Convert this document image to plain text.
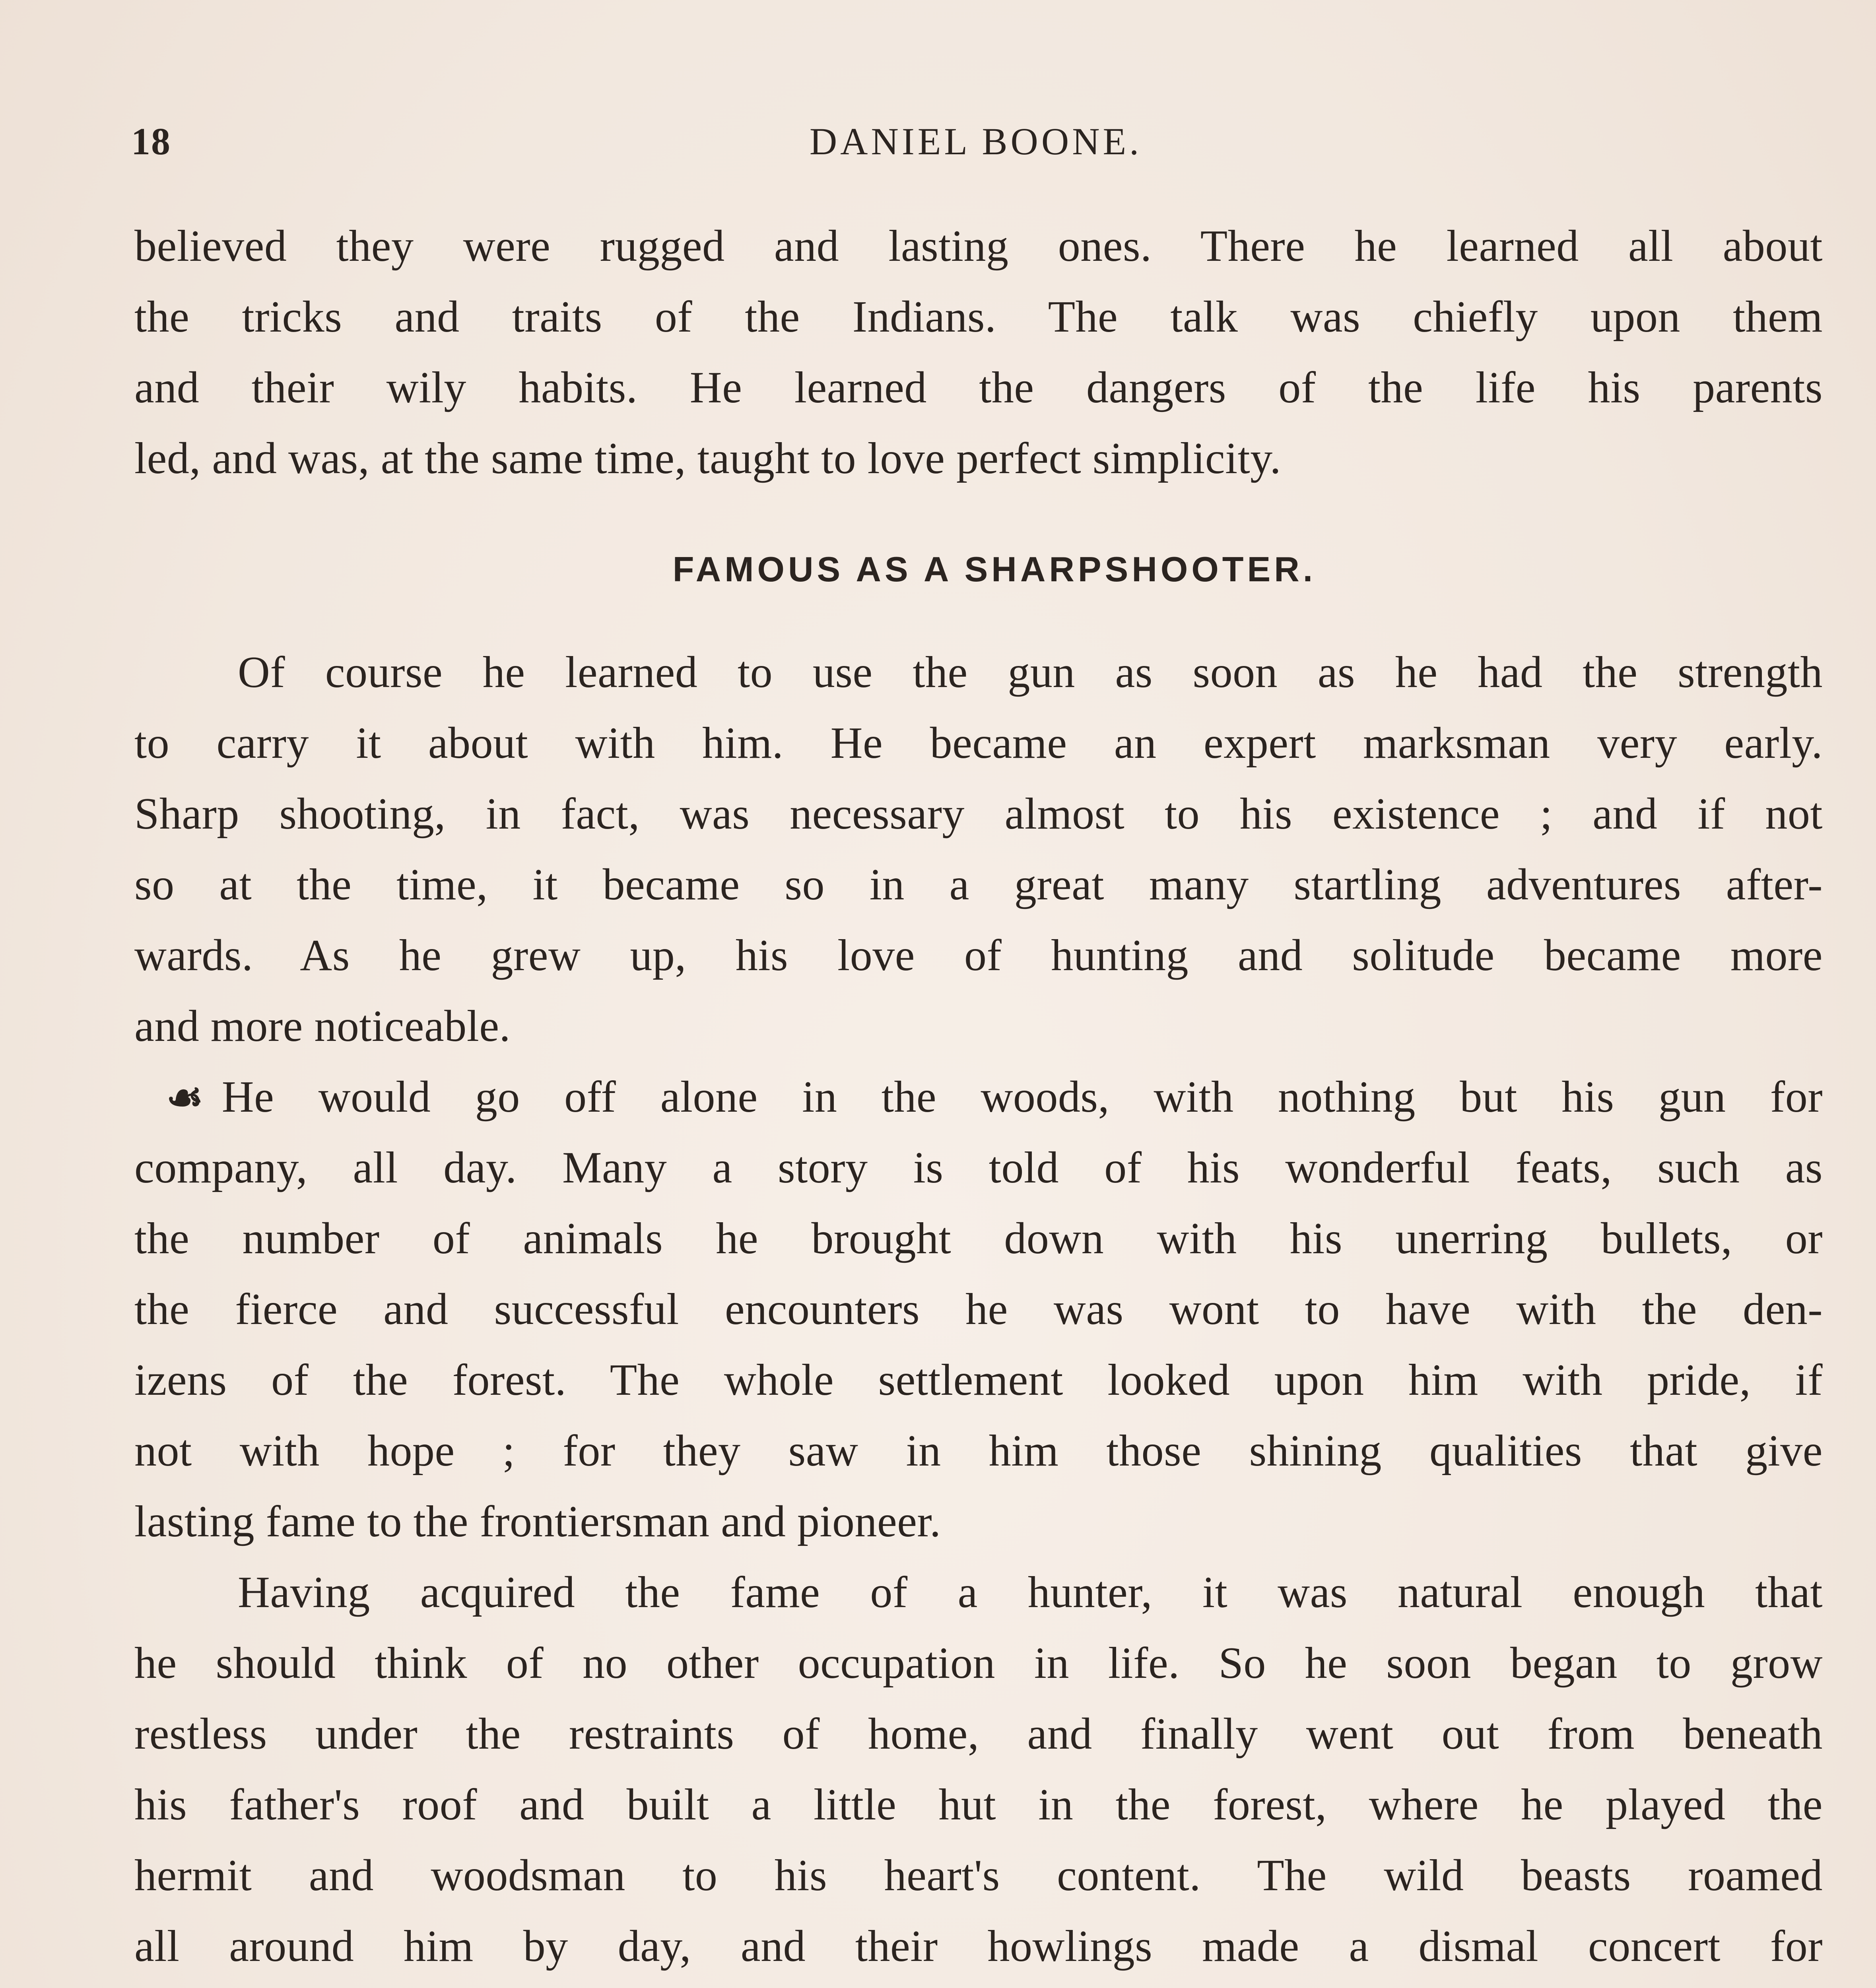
18	DANIEL BOONE.
believed they were rugged and lasting ones. There he learned all about
the tricks and traits of the Indians. The talk was chiefly upon them
and their wily habits. He learned the dangers of the life his parents
led, and was, at the same time, taught to love perfect simplicity.
FAMOUS AS A SHARPSHOOTER.
Of course he learned to use the gun as soon as he had the strength
to carry it about with him. He became an expert marksman very early.
Sharp shooting, in fact, was necessary almost to his existence ; and if not
so at the time, it became so in a great many startling adventures after-
wards. As he grew up, his love of hunting and solitude became more
and more noticeable.
☙ He would go off alone in the woods, with nothing but his gun for
company, all day. Many a story is told of his wonderful feats, such as
the number of animals he brought down with his unerring bullets, or
the fierce and successful encounters he was wont to have with the den-
izens of the forest. The whole settlement looked upon him with pride, if
not with hope ; for they saw in him those shining qualities that give
lasting fame to the frontiersman and pioneer.
Having acquired the fame of a hunter, it was natural enough that
he should think of no other occupation in life. So he soon began to grow
restless under the restraints of home, and finally went out from beneath
his father's roof and built a little hut in the forest, where he played the
hermit and woodsman to his heart's content. The wild beasts roamed
all around him by day, and their howlings made a dismal concert for
